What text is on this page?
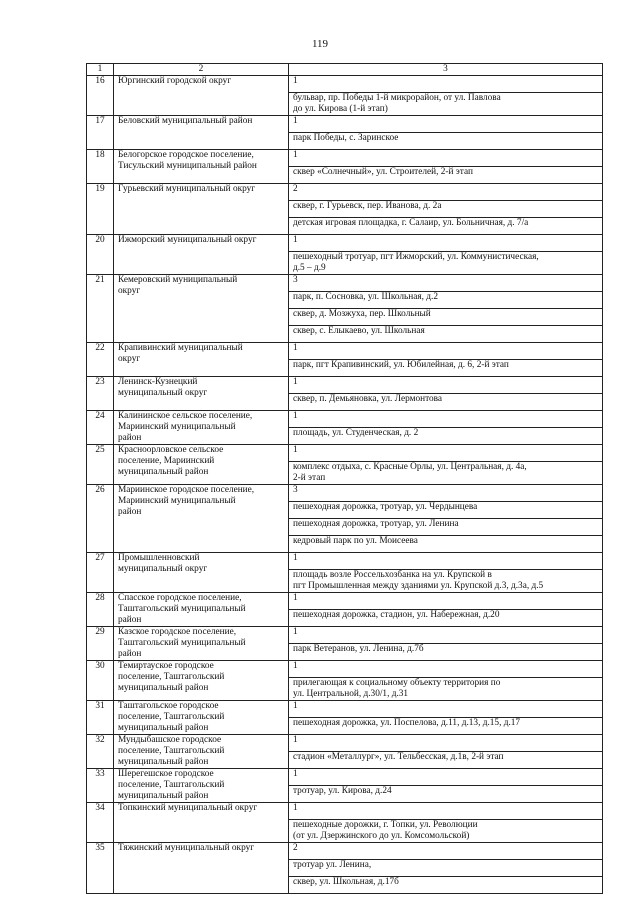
119
1	2	3
16	Юргинский городской округ	1
		бульвар, пр. Победы 1-й микрорайон, от ул. Павлова
до ул. Кирова (1-й этап)
17	Беловский муниципальный район	1
		парк Победы, с. Заринское
18	Белогорское городское поселение,
Тисульский муниципальный район	1
		сквер «Солнечный», ул. Строителей, 2-й этап
19	Гурьевский муниципальный округ	2
		сквер, г. Гурьевск, пер. Иванова, д. 2а
		детская игровая площадка, г. Салаир, ул. Больничная, д. 7/а
20	Ижморский муниципальный округ	1
		пешеходный тротуар, пгт Ижморский, ул. Коммунистическая,
д.5 – д.9
21	Кемеровский муниципальный
округ	3
		парк, п. Сосновка, ул. Школьная, д.2
		сквер, д. Мозжуха, пер. Школьный
		сквер, с. Елыкаево, ул. Школьная
22	Крапивинский муниципальный
округ	1
		парк, пгт Крапивинский, ул. Юбилейная, д. 6, 2-й этап
23	Ленинск-Кузнецкий
муниципальный округ	1
		сквер, п. Демьяновка, ул. Лермонтова
24	Калининское сельское поселение,
Мариинский муниципальный
район	1
		площадь, ул. Студенческая, д. 2
25	Красноорловское сельское
поселение, Мариинский
муниципальный район	1
		комплекс отдыха, с. Красные Орлы, ул. Центральная, д. 4а,
2-й этап
26	Мариинское городское поселение,
Мариинский муниципальный
район	3
		пешеходная дорожка, тротуар, ул. Чердынцева
		пешеходная дорожка, тротуар, ул. Ленина
		кедровый парк по ул. Моисеева
27	Промышленновский
муниципальный округ	1
		площадь возле Россельхозбанка на ул. Крупской в
пгт Промышленная между зданиями ул. Крупской д.3, д.3а, д.5
28	Спасское городское поселение,
Таштагольский муниципальный
район	1
		пешеходная дорожка, стадион, ул. Набережная, д.20
29	Казское городское поселение,
Таштагольский муниципальный
район	1
		парк Ветеранов, ул. Ленина, д.7б
30	Темиртауское городское
поселение, Таштагольский
муниципальный район	1
		прилегающая к социальному объекту территория по
ул. Центральной, д.30/1, д.31
31	Таштагольское городское
поселение, Таштагольский
муниципальный район	1
		пешеходная дорожка, ул. Поспелова, д.11, д.13, д.15, д.17
32	Мундыбашское городское
поселение, Таштагольский
муниципальный район	1
		стадион «Металлург», ул. Тельбесская, д.1в, 2-й этап
33	Шерегешское городское
поселение, Таштагольский
муниципальный район	1
		тротуар, ул. Кирова, д.24
34	Топкинский муниципальный округ	1
		пешеходные дорожки, г. Топки, ул. Революции
(от ул. Дзержинского до ул. Комсомольской)
35	Тяжинский муниципальный округ	2
		тротуар ул. Ленина,
		сквер, ул. Школьная, д.17б
